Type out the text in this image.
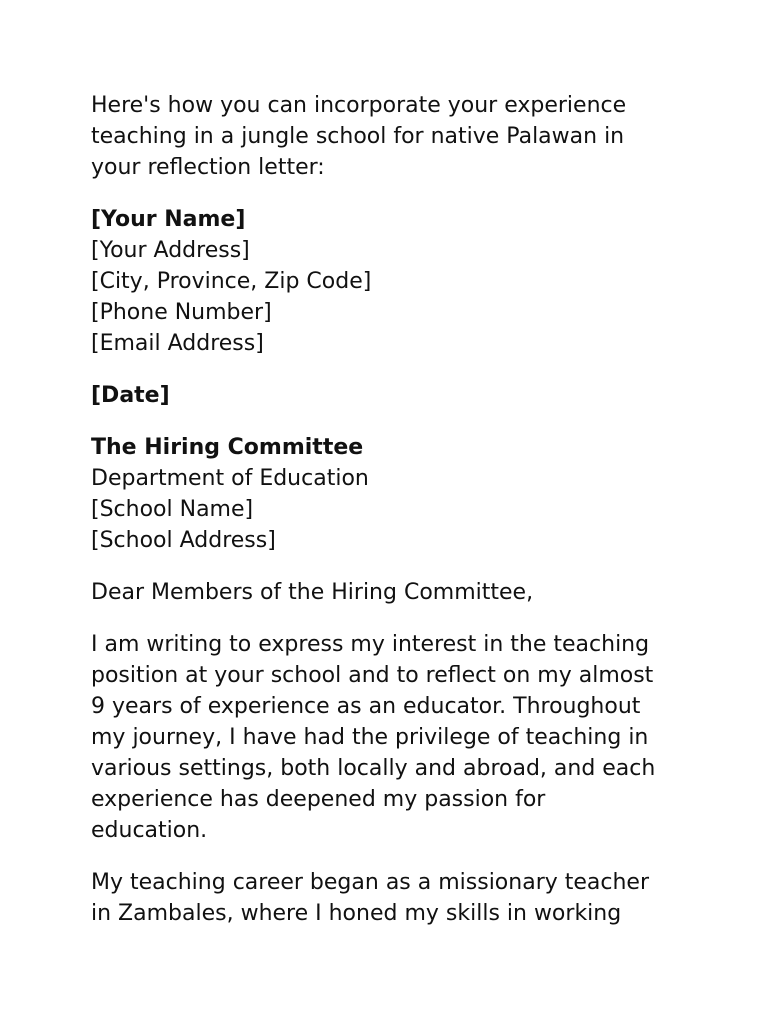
Here's how you can incorporate your experience
teaching in a jungle school for native Palawan in
your reflection letter:

[Your Name]
[Your Address]
[City, Province, Zip Code]
[Phone Number]
[Email Address]

[Date]

The Hiring Committee
Department of Education
[School Name]
[School Address]

Dear Members of the Hiring Committee,

I am writing to express my interest in the teaching
position at your school and to reflect on my almost
9 years of experience as an educator. Throughout
my journey, I have had the privilege of teaching in
various settings, both locally and abroad, and each
experience has deepened my passion for
education.

My teaching career began as a missionary teacher
in Zambales, where I honed my skills in working
